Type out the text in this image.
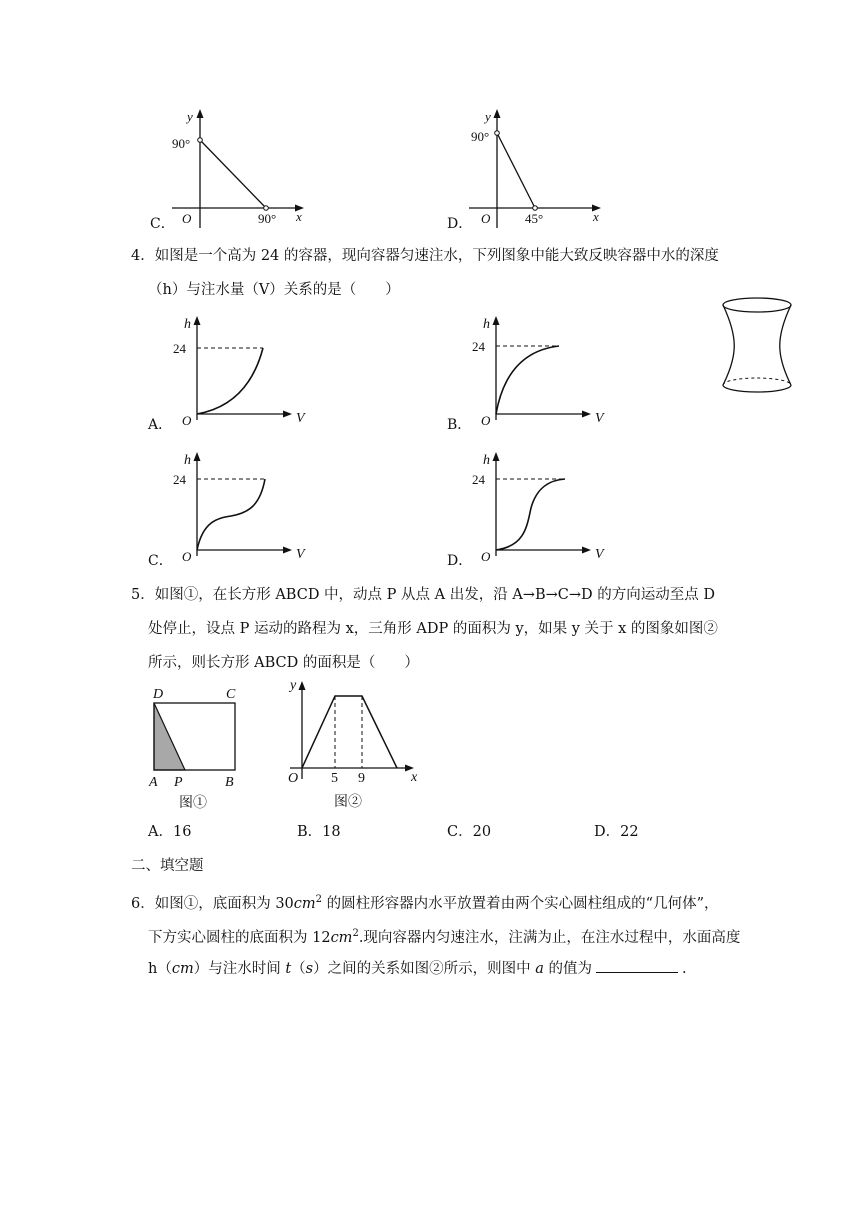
C．
y
90°
O	90° x	D．
y
90°
O	45°	x
4．如图是一个高为 24 的容器，现向容器匀速注水，下列图象中能大致反映容器中水的深度
（h）与注水量（V）关系的是（　　）
A．
h
24
O	V	B．
h
24
O	V
C．
h
24
O	V	D．
h
24
O	V
5．如图①，在长方形 ABCD 中，动点 P 从点 A 出发，沿 A→B→C→D 的方向运动至点 D
处停止，设点 P 运动的路程为 x，三角形 ADP 的面积为 y，如果 y 关于 x 的图象如图②
所示，则长方形 ABCD 的面积是（　　）
D	C
A P	B
图①
y
O 5 9	x
图②
A．16	B．18	C．20	D．22
二、填空题
6．如图①，底面积为 $30cm^2$ 的圆柱形容器内水平放置着由两个实心圆柱组成的“几何体”，
下方实心圆柱的底面积为 $12cm^2$.现向容器内匀速注水，注满为止，在注水过程中，水面高度
h（cm）与注水时间 t（s）之间的关系如图②所示，则图中 a 的值为	.
